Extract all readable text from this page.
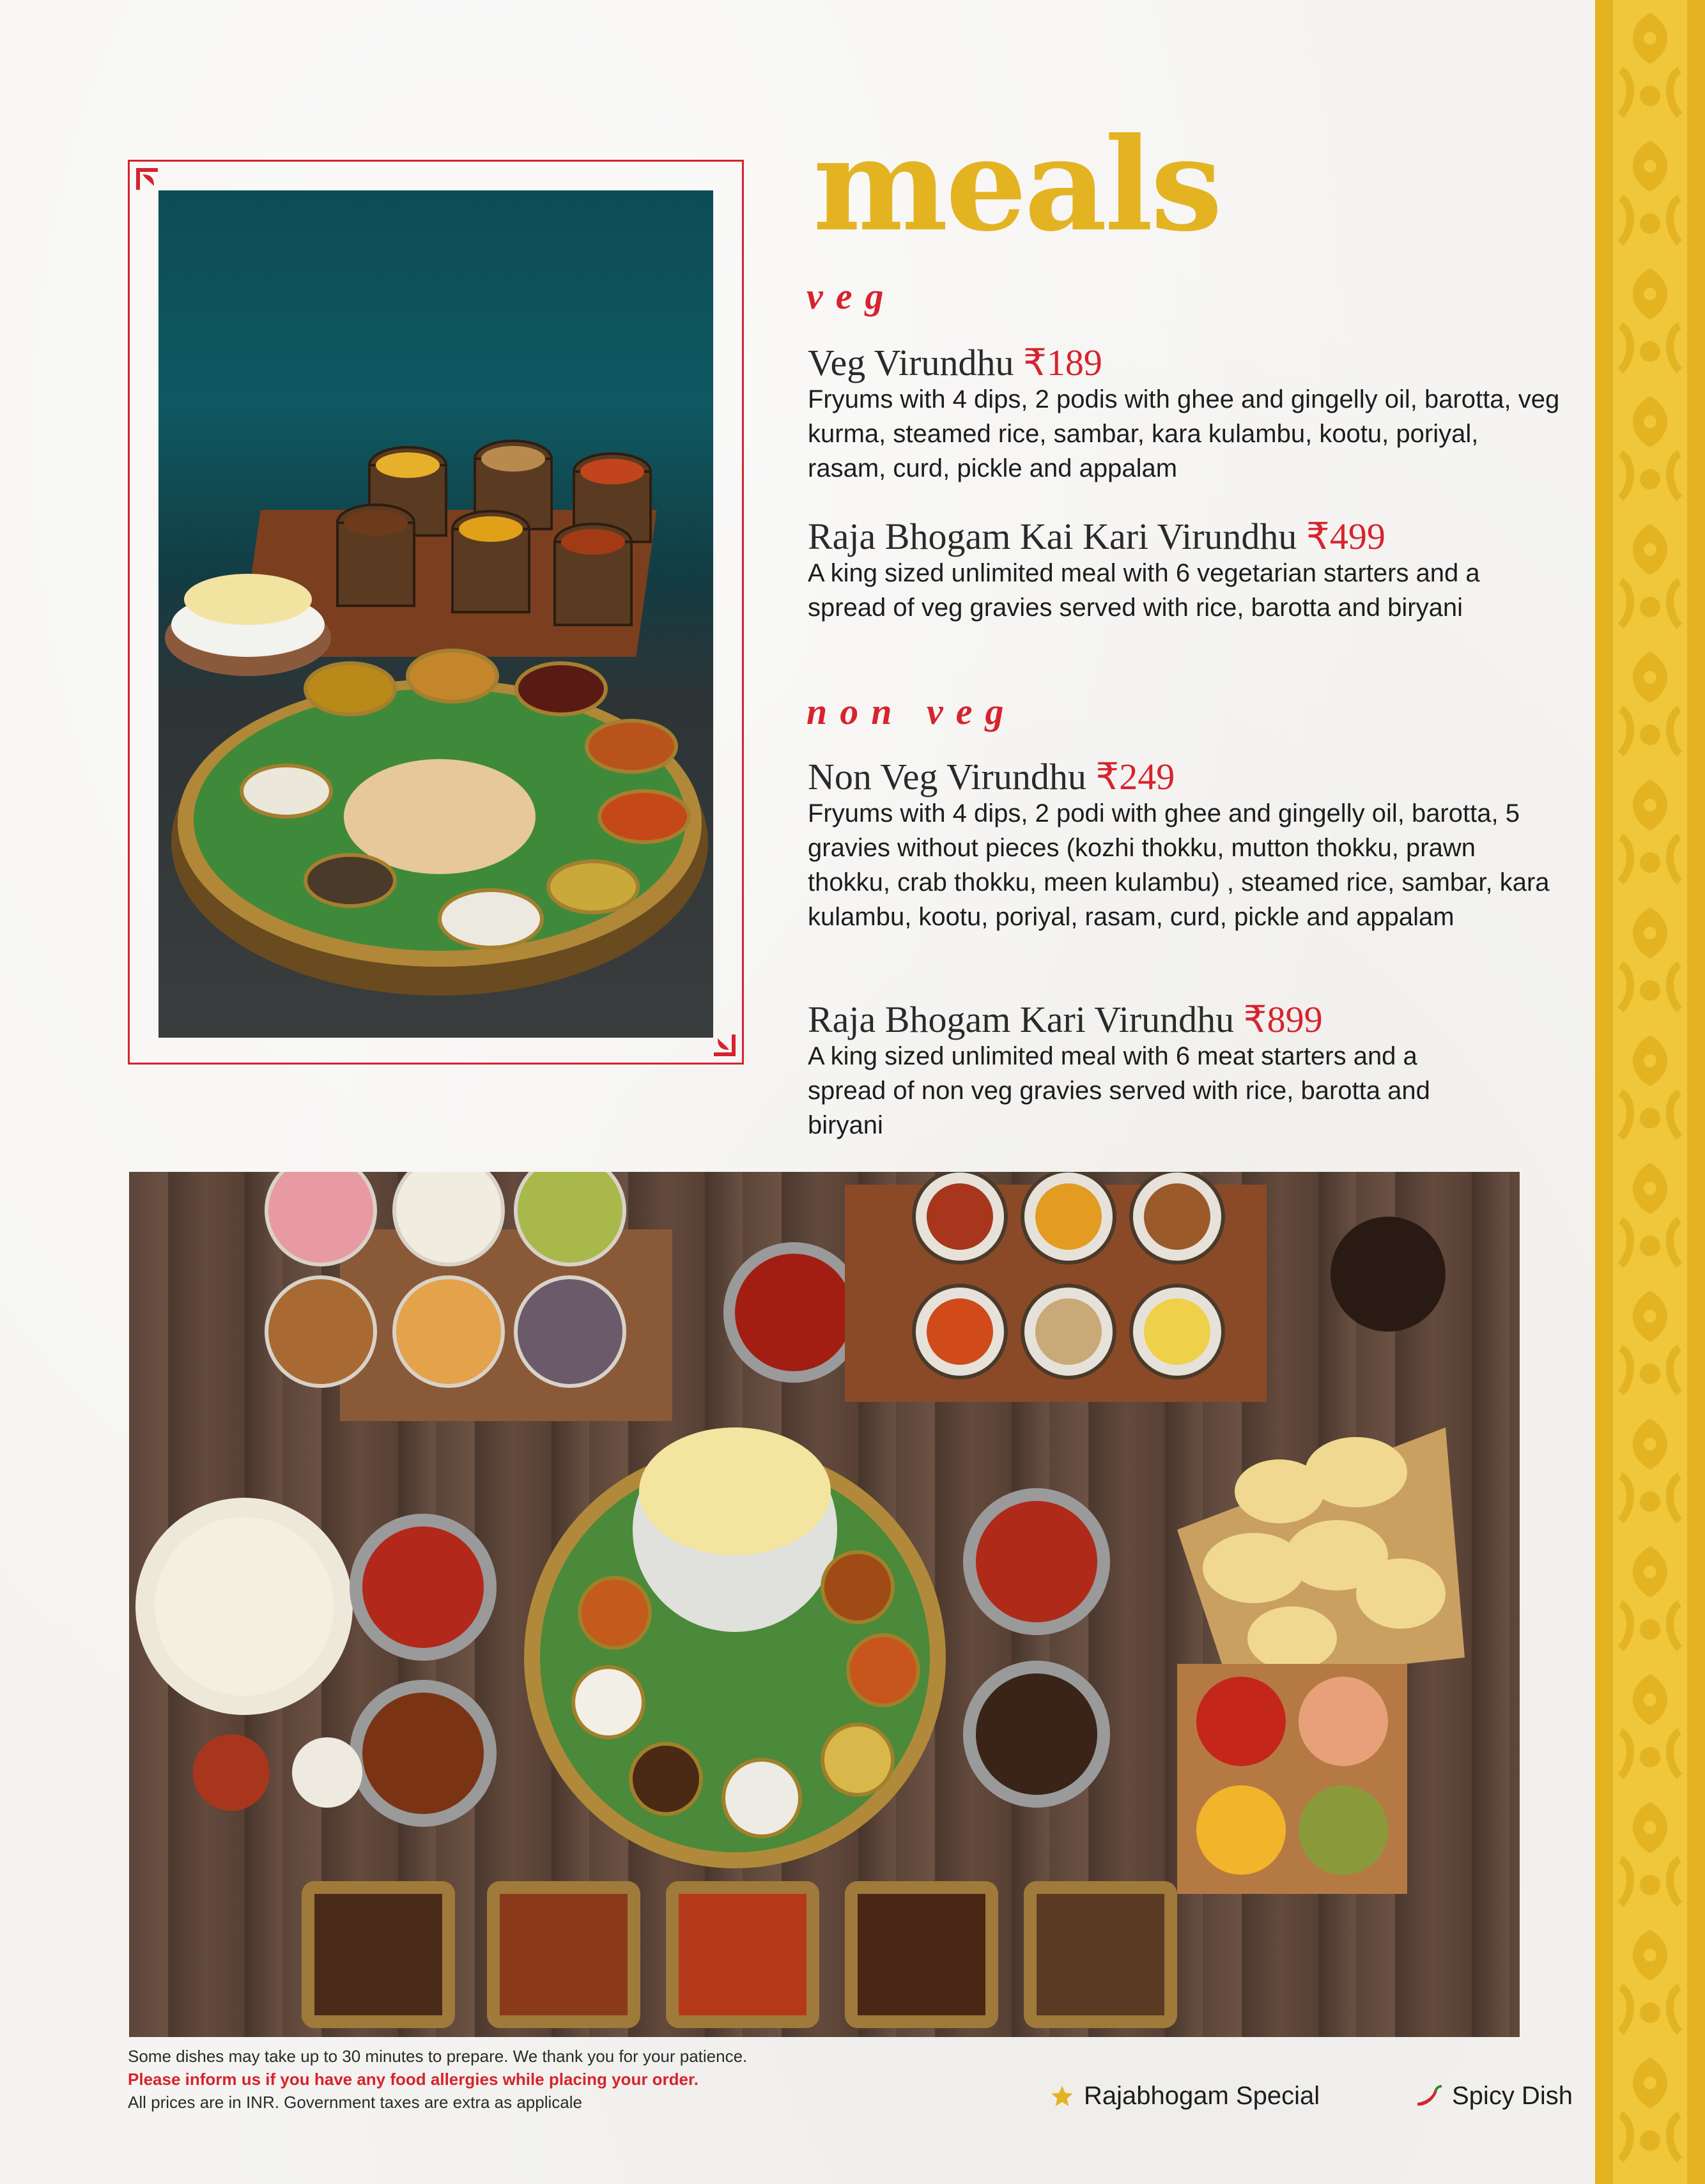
meals
veg
Veg Virundhu ₹189
Fryums with 4 dips, 2 podis with ghee and gingelly oil, barotta, veg kurma, steamed rice, sambar, kara kulambu, kootu, poriyal, rasam, curd, pickle and appalam
Raja Bhogam Kai Kari Virundhu ₹499
A king sized unlimited meal with 6 vegetarian starters and a spread of veg gravies served with rice, barotta and biryani
non veg
Non Veg Virundhu ₹249
Fryums with 4 dips, 2 podi with ghee and gingelly oil, barotta, 5 gravies without pieces (kozhi thokku, mutton thokku, prawn thokku, crab thokku, meen kulambu) , steamed rice, sambar, kara kulambu, kootu, poriyal, rasam, curd, pickle and appalam
Raja Bhogam Kari Virundhu ₹899
A king sized unlimited meal with 6 meat starters and a spread of non veg gravies served with rice, barotta and biryani
Some dishes may take up to 30 minutes to prepare. We thank you for your patience.
Please inform us if you have any food allergies while placing your order.
All prices are in INR. Government taxes are extra as applicale	Rajabhogam Special	Spicy Dish
